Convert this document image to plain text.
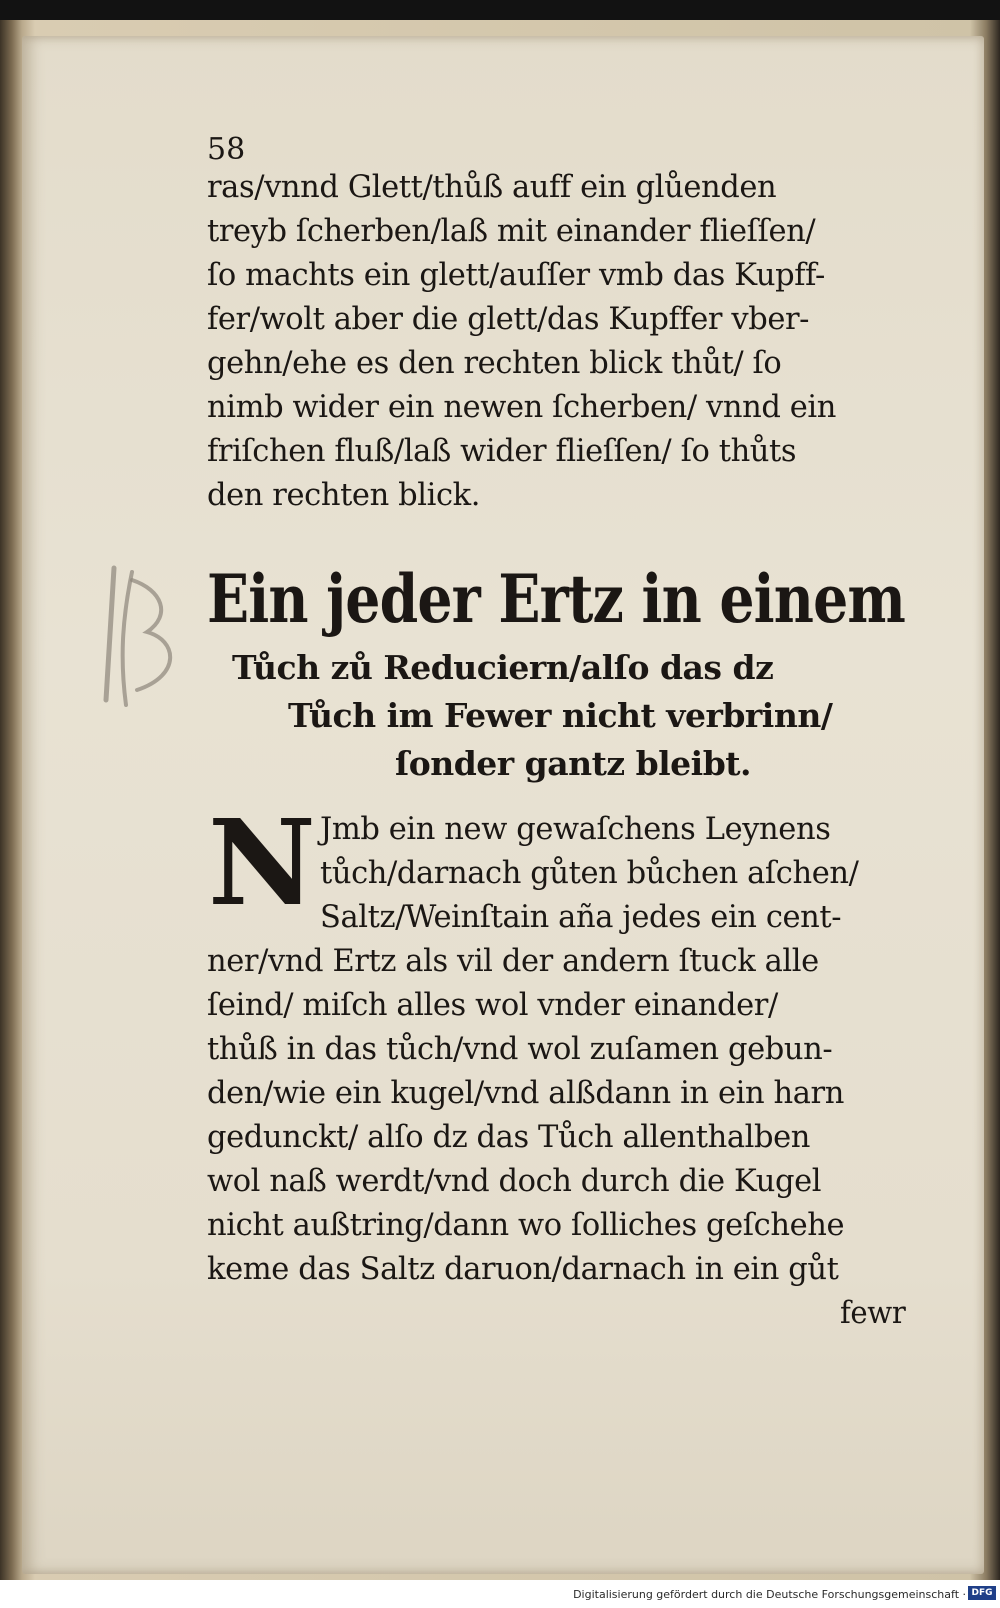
58

ras/vnnd Glett/thůß auff ein glůenden

treyb ſcherben/laß mit einander flieſſen/

ſo machts ein glett/auſſer vmb das Kupff-

fer/wolt aber die glett/das Kupffer vber-

gehn/ehe es den rechten blick thůt/ ſo

nimb wider ein newen ſcherben/ vnnd ein

friſchen fluß/laß wider flieſſen/ ſo thůts

den rechten blick.

Ein jeder Ertz in einem

Tůch zů Reduciern/alſo das dz

Tůch im Fewer nicht verbrinn/

ſonder gantz bleibt.

N Jmb ein new gewaſchens Leynens

tůch/darnach gůten bůchen aſchen/

Saltz/Weinſtain aña jedes ein cent-

ner/vnd Ertz als vil der andern ſtuck alle

ſeind/ miſch alles wol vnder einander/

thůß in das tůch/vnd wol zuſamen gebun-

den/wie ein kugel/vnd alßdann in ein harn

gedunckt/ alſo dz das Tůch allenthalben

wol naß werdt/vnd doch durch die Kugel

nicht außtring/dann wo ſolliches geſchehe

keme das Saltz daruon/darnach in ein gůt

fewr

Digitalisierung gefördert durch die Deutsche Forschungsgemeinschaft · DFG
